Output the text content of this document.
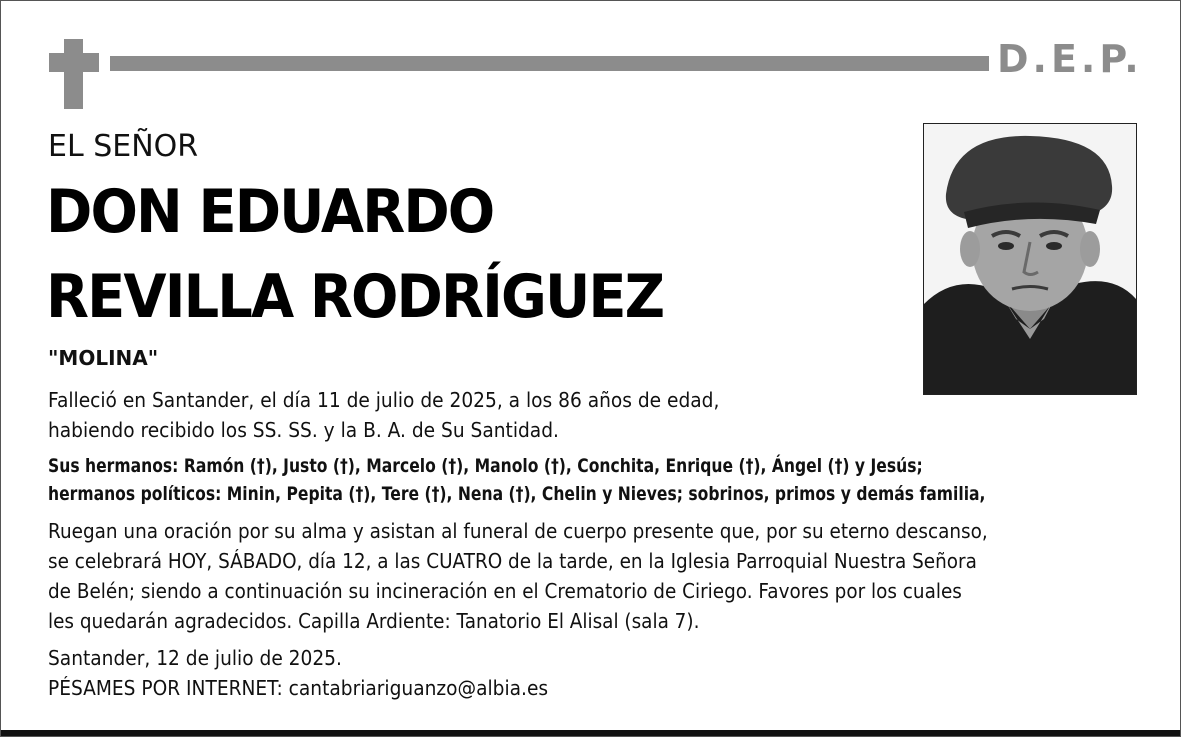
D.E.P.
EL SEÑOR
DON EDUARDO
REVILLA RODRÍGUEZ
"MOLINA"
Falleció en Santander, el día 11 de julio de 2025, a los 86 años de edad,
habiendo recibido los SS. SS. y la B. A. de Su Santidad.
Sus hermanos: Ramón (†), Justo (†), Marcelo (†), Manolo (†), Conchita, Enrique (†), Ángel (†) y Jesús;
hermanos políticos: Minin, Pepita (†), Tere (†), Nena (†), Chelin y Nieves; sobrinos, primos y demás familia,
Ruegan una oración por su alma y asistan al funeral de cuerpo presente que, por su eterno descanso,
se celebrará HOY, SÁBADO, día 12, a las CUATRO de la tarde, en la Iglesia Parroquial Nuestra Señora
de Belén; siendo a continuación su incineración en el Crematorio de Ciriego. Favores por los cuales
les quedarán agradecidos. Capilla Ardiente: Tanatorio El Alisal (sala 7).
Santander, 12 de julio de 2025.
PÉSAMES POR INTERNET: cantabriariguanzo@albia.es
